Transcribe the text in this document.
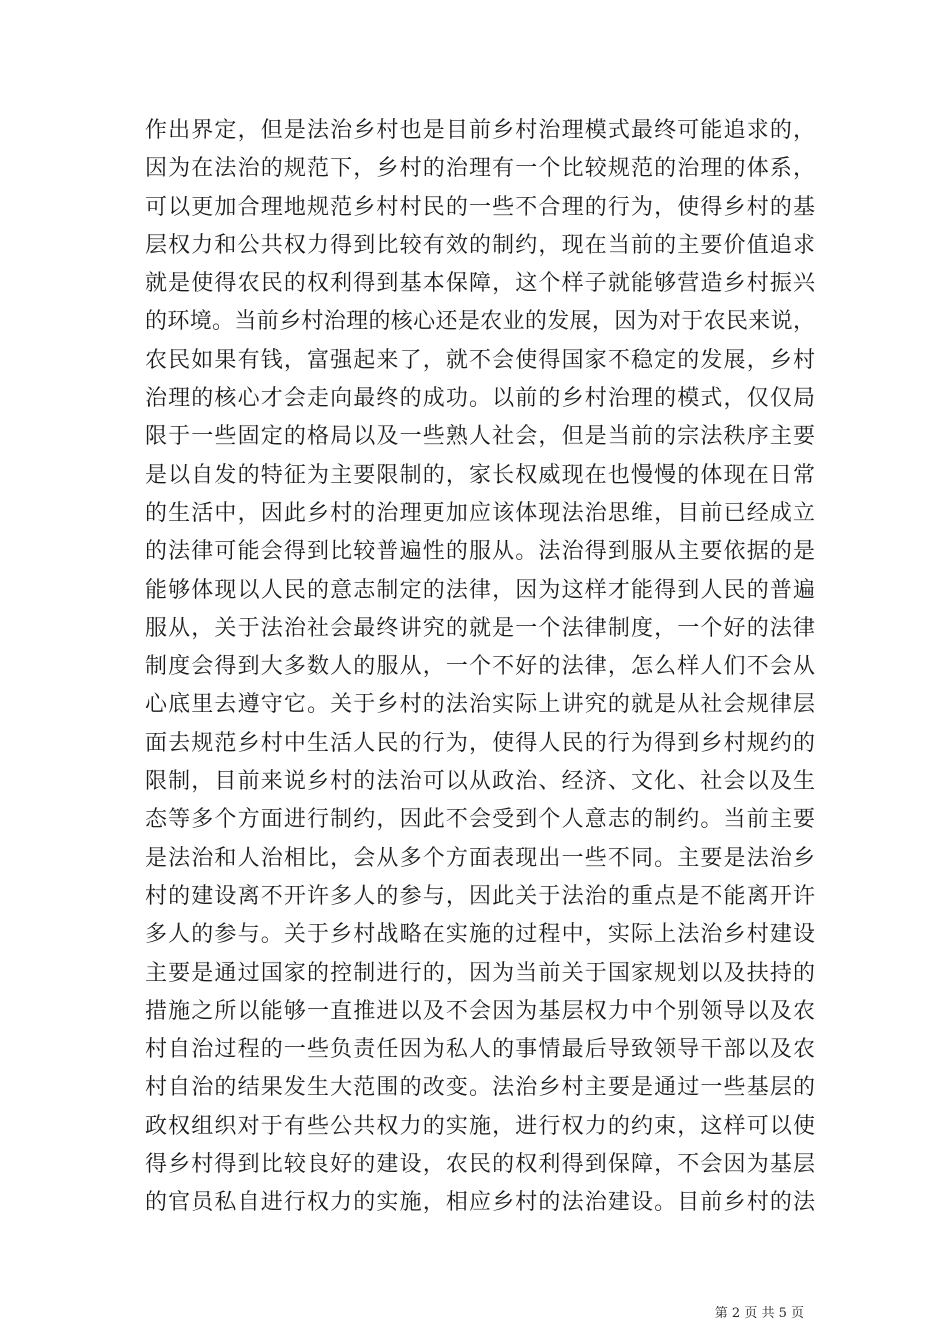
作出界定，但是法治乡村也是目前乡村治理模式最终可能追求的，
因为在法治的规范下，乡村的治理有一个比较规范的治理的体系，
可以更加合理地规范乡村村民的一些不合理的行为，使得乡村的基
层权力和公共权力得到比较有效的制约，现在当前的主要价值追求
就是使得农民的权利得到基本保障，这个样子就能够营造乡村振兴
的环境。当前乡村治理的核心还是农业的发展，因为对于农民来说，
农民如果有钱，富强起来了，就不会使得国家不稳定的发展，乡村
治理的核心才会走向最终的成功。以前的乡村治理的模式，仅仅局
限于一些固定的格局以及一些熟人社会，但是当前的宗法秩序主要
是以自发的特征为主要限制的，家长权威现在也慢慢的体现在日常
的生活中，因此乡村的治理更加应该体现法治思维，目前已经成立
的法律可能会得到比较普遍性的服从。法治得到服从主要依据的是
能够体现以人民的意志制定的法律，因为这样才能得到人民的普遍
服从，关于法治社会最终讲究的就是一个法律制度，一个好的法律
制度会得到大多数人的服从，一个不好的法律，怎么样人们不会从
心底里去遵守它。关于乡村的法治实际上讲究的就是从社会规律层
面去规范乡村中生活人民的行为，使得人民的行为得到乡村规约的
限制，目前来说乡村的法治可以从政治、经济、文化、社会以及生
态等多个方面进行制约，因此不会受到个人意志的制约。当前主要
是法治和人治相比，会从多个方面表现出一些不同。主要是法治乡
村的建设离不开许多人的参与，因此关于法治的重点是不能离开许
多人的参与。关于乡村战略在实施的过程中，实际上法治乡村建设
主要是通过国家的控制进行的，因为当前关于国家规划以及扶持的
措施之所以能够一直推进以及不会因为基层权力中个别领导以及农
村自治过程的一些负责任因为私人的事情最后导致领导干部以及农
村自治的结果发生大范围的改变。法治乡村主要是通过一些基层的
政权组织对于有些公共权力的实施，进行权力的约束，这样可以使
得乡村得到比较良好的建设，农民的权利得到保障，不会因为基层
的官员私自进行权力的实施，相应乡村的法治建设。目前乡村的法
第 2 页 共 5 页
